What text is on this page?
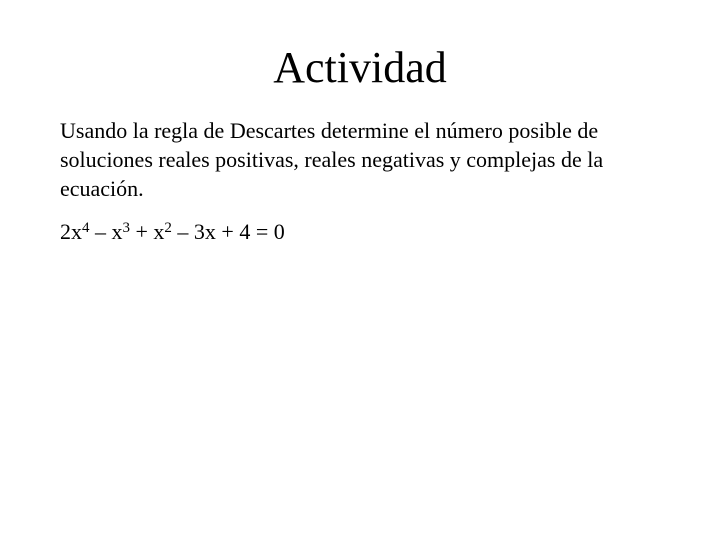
Actividad
Usando la regla de Descartes determine el número posible de soluciones reales positivas, reales negativas y complejas de la ecuación.
$2x^4 - x^3 + x^2 - 3x + 4 = 0$
